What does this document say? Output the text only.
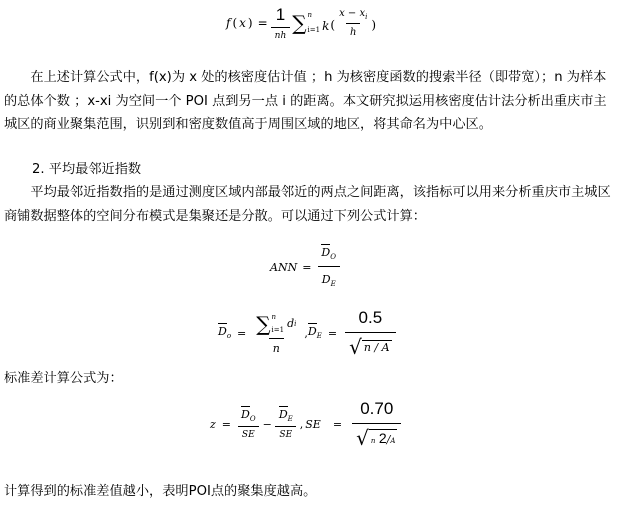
f ( x ) = $\frac{1}{nh}$ ∑ n
i=1 k ( $\frac{x - x_i}{h}$ )

在上述计算公式中，f(x)为 x 处的核密度估计值 ；h 为核密度函数的搜索半径（即带宽）；n 为样本的总体个数 ；x-xi 为空间一个 POI 点到另一点 i 的距离。本文研究拟运用核密度估计法分析出重庆市主城区的商业聚集范围，识别到和密度数值高于周围区域的地区，将其命名为中心区。

2. 平均最邻近指数

平均最邻近指数指的是通过测度区域内部最邻近的两点之间距离，该指标可以用来分析重庆市主城区商铺数据整体的空间分布模式是集聚还是分散。可以通过下列公式计算：

ANN = $\frac{D_O}{D_E}$
$D_o$ = ∑ n
i=1 d i
n , $D_E = \frac{0.5}{√ n / A}$

标准差计算公式为：

$z = \frac{D_O}{SE} - \frac{D_E}{SE}$ , SE = $\frac{0.70}{√ n 2/A}$

计算得到的标准差值越小，表明POI点的聚集度越高。
